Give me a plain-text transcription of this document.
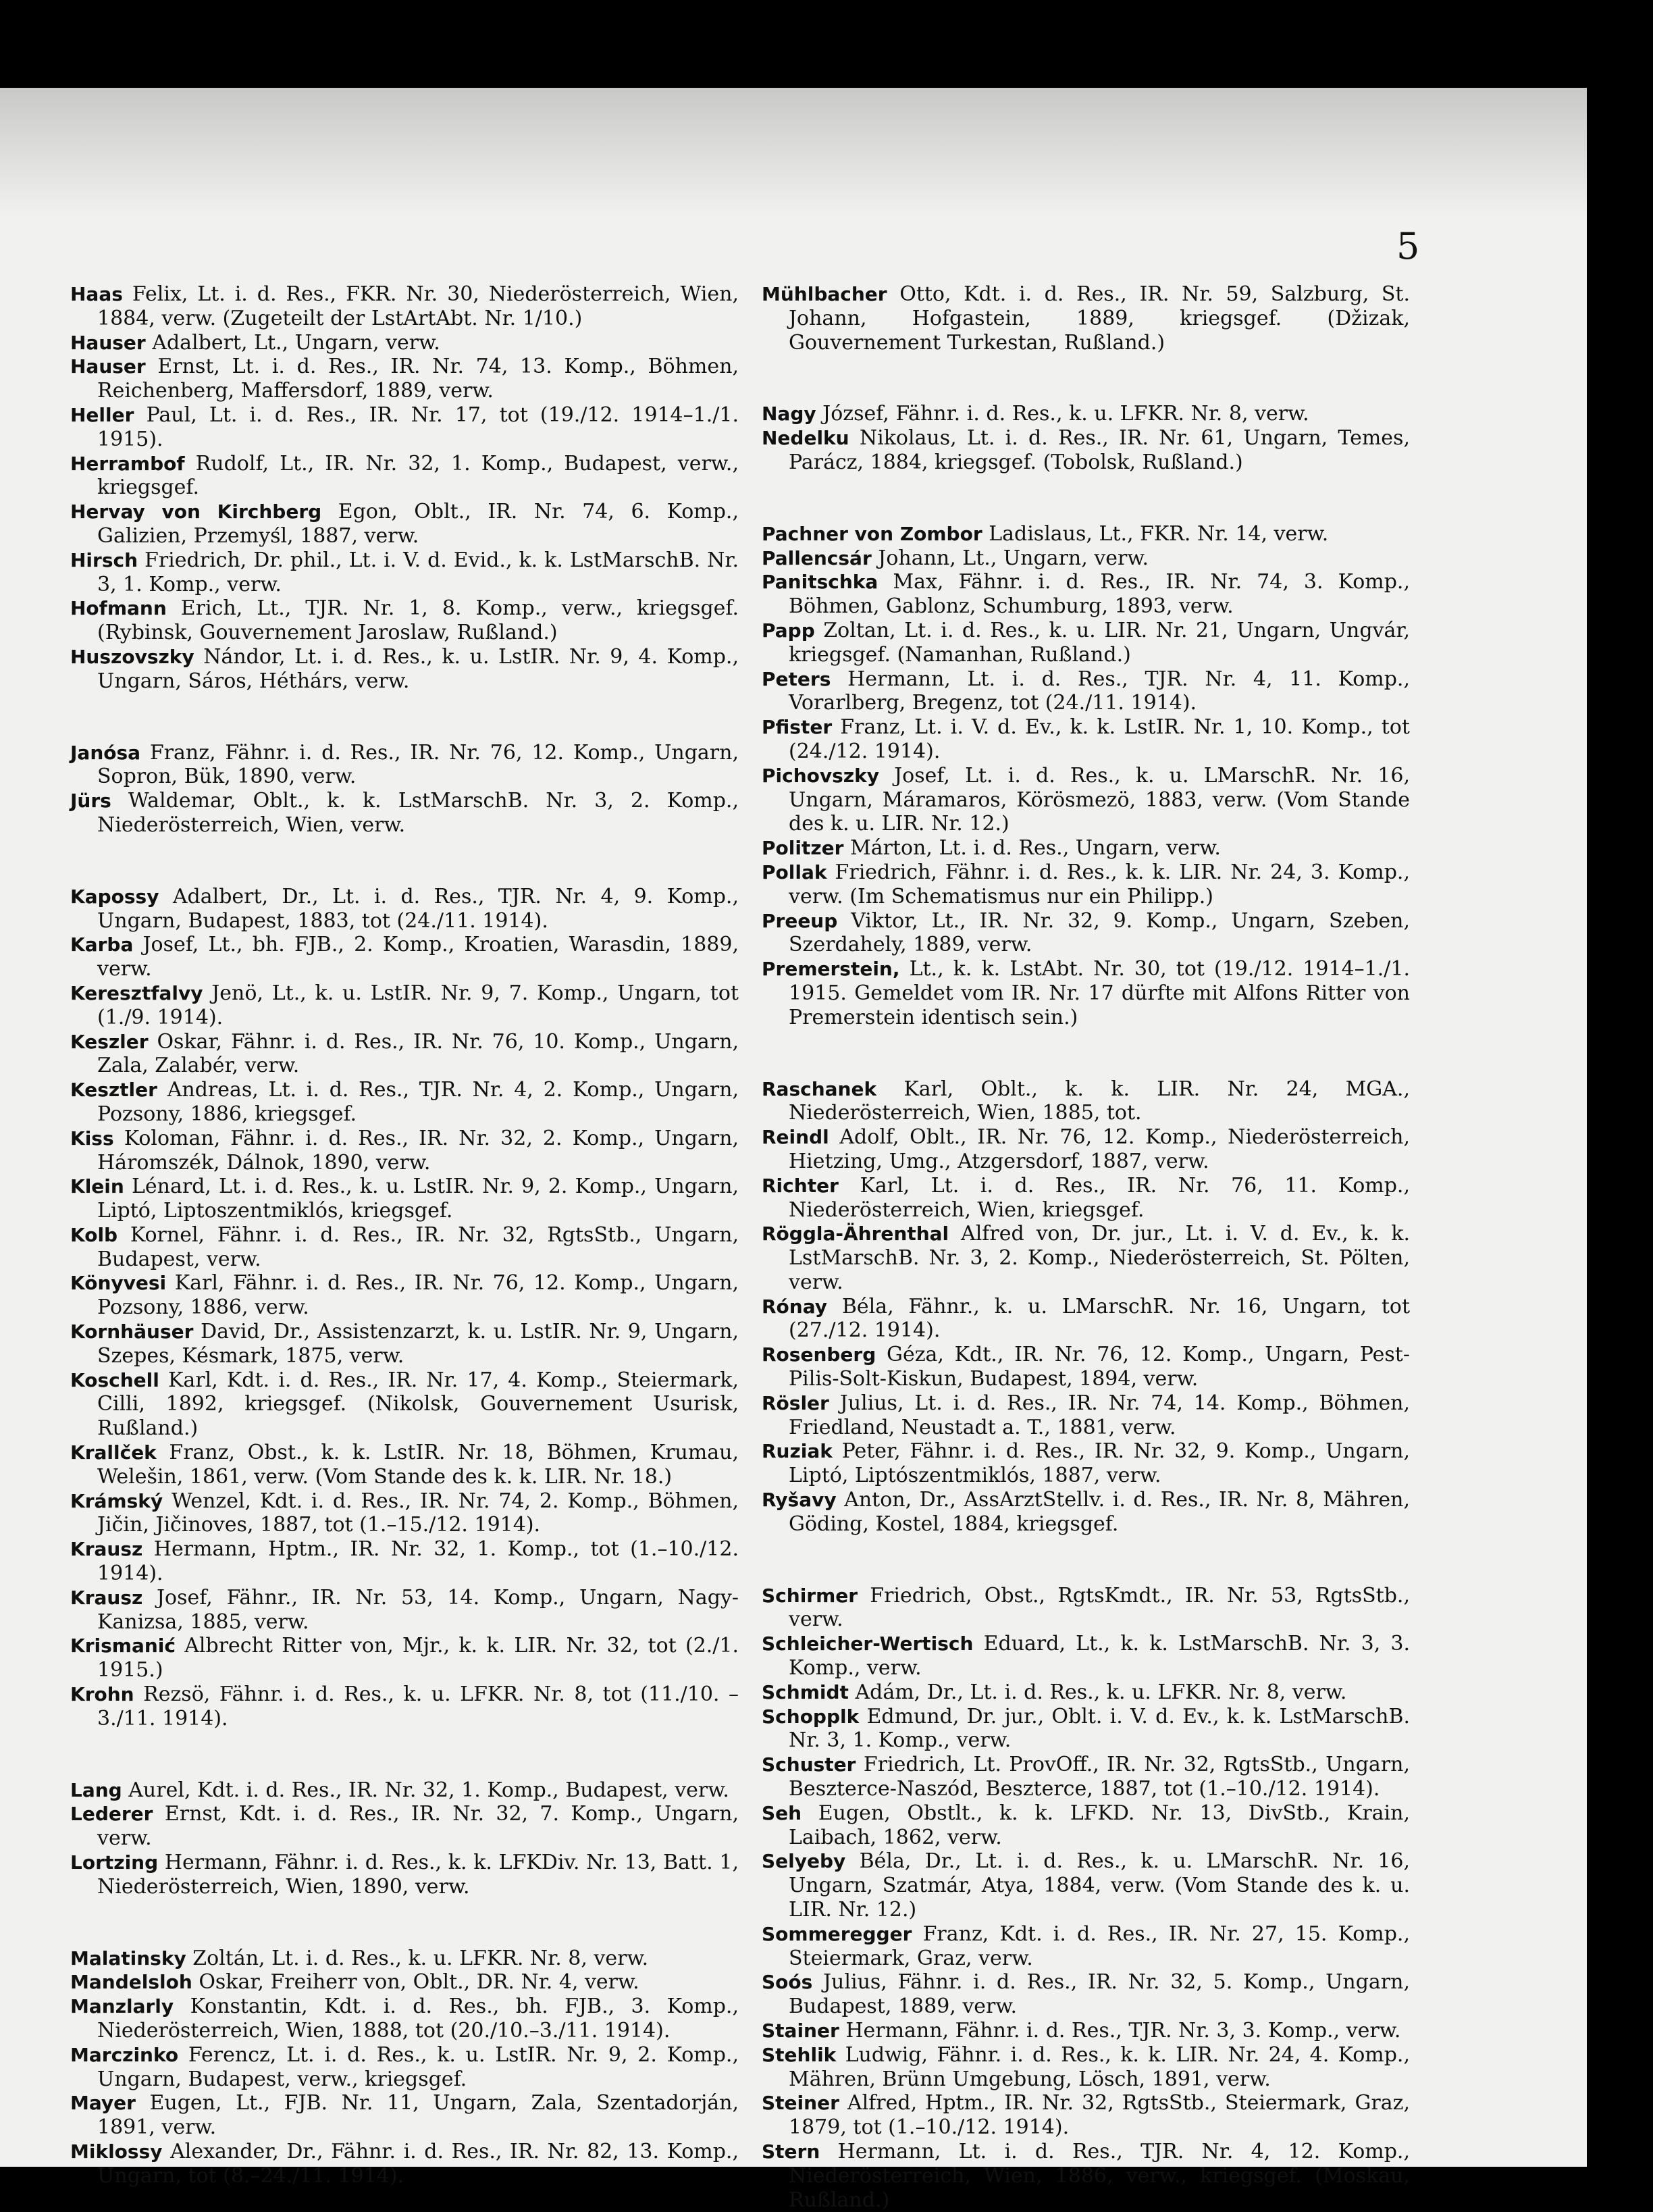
5

Haas Felix, Lt. i. d. Res., FKR. Nr. 30, Niederösterreich, Wien, 1884, verw. (Zugeteilt der LstArtAbt. Nr. 1/10.)

Hauser Adalbert, Lt., Ungarn, verw.

Hauser Ernst, Lt. i. d. Res., IR. Nr. 74, 13. Komp., Böhmen, Reichenberg, Maffersdorf, 1889, verw.

Heller Paul, Lt. i. d. Res., IR. Nr. 17, tot (19./12. 1914–1./1. 1915).

Herrambof Rudolf, Lt., IR. Nr. 32, 1. Komp., Budapest, verw., kriegsgef.

Hervay von Kirchberg Egon, Oblt., IR. Nr. 74, 6. Komp., Galizien, Przemyśl, 1887, verw.

Hirsch Friedrich, Dr. phil., Lt. i. V. d. Evid., k. k. LstMarschB. Nr. 3, 1. Komp., verw.

Hofmann Erich, Lt., TJR. Nr. 1, 8. Komp., verw., kriegsgef. (Rybinsk, Gouvernement Jaroslaw, Rußland.)

Huszovszky Nándor, Lt. i. d. Res., k. u. LstIR. Nr. 9, 4. Komp., Ungarn, Sáros, Héthárs, verw.

Janósa Franz, Fähnr. i. d. Res., IR. Nr. 76, 12. Komp., Ungarn, Sopron, Bük, 1890, verw.

Jürs Waldemar, Oblt., k. k. LstMarschB. Nr. 3, 2. Komp., Niederösterreich, Wien, verw.

Kapossy Adalbert, Dr., Lt. i. d. Res., TJR. Nr. 4, 9. Komp., Ungarn, Budapest, 1883, tot (24./11. 1914).

Karba Josef, Lt., bh. FJB., 2. Komp., Kroatien, Warasdin, 1889, verw.

Keresztfalvy Jenö, Lt., k. u. LstIR. Nr. 9, 7. Komp., Ungarn, tot (1./9. 1914).

Keszler Oskar, Fähnr. i. d. Res., IR. Nr. 76, 10. Komp., Ungarn, Zala, Zalabér, verw.

Kesztler Andreas, Lt. i. d. Res., TJR. Nr. 4, 2. Komp., Ungarn, Pozsony, 1886, kriegsgef.

Kiss Koloman, Fähnr. i. d. Res., IR. Nr. 32, 2. Komp., Ungarn, Háromszék, Dálnok, 1890, verw.

Klein Lénard, Lt. i. d. Res., k. u. LstIR. Nr. 9, 2. Komp., Ungarn, Liptó, Liptoszentmiklós, kriegsgef.

Kolb Kornel, Fähnr. i. d. Res., IR. Nr. 32, RgtsStb., Ungarn, Budapest, verw.

Könyvesi Karl, Fähnr. i. d. Res., IR. Nr. 76, 12. Komp., Ungarn, Pozsony, 1886, verw.

Kornhäuser David, Dr., Assistenzarzt, k. u. LstIR. Nr. 9, Ungarn, Szepes, Késmark, 1875, verw.

Koschell Karl, Kdt. i. d. Res., IR. Nr. 17, 4. Komp., Steiermark, Cilli, 1892, kriegsgef. (Nikolsk, Gouvernement Usurisk, Rußland.)

Krallček Franz, Obst., k. k. LstIR. Nr. 18, Böhmen, Krumau, Welešin, 1861, verw. (Vom Stande des k. k. LIR. Nr. 18.)

Krámský Wenzel, Kdt. i. d. Res., IR. Nr. 74, 2. Komp., Böhmen, Jičin, Jičinoves, 1887, tot (1.–15./12. 1914).

Krausz Hermann, Hptm., IR. Nr. 32, 1. Komp., tot (1.–10./12. 1914).

Krausz Josef, Fähnr., IR. Nr. 53, 14. Komp., Ungarn, Nagy-Kanizsa, 1885, verw.

Krismanić Albrecht Ritter von, Mjr., k. k. LIR. Nr. 32, tot (2./1. 1915.)

Krohn Rezsö, Fähnr. i. d. Res., k. u. LFKR. Nr. 8, tot (11./10. – 3./11. 1914).

Lang Aurel, Kdt. i. d. Res., IR. Nr. 32, 1. Komp., Budapest, verw.

Lederer Ernst, Kdt. i. d. Res., IR. Nr. 32, 7. Komp., Ungarn, verw.

Lortzing Hermann, Fähnr. i. d. Res., k. k. LFKDiv. Nr. 13, Batt. 1, Niederösterreich, Wien, 1890, verw.

Malatinsky Zoltán, Lt. i. d. Res., k. u. LFKR. Nr. 8, verw.

Mandelsloh Oskar, Freiherr von, Oblt., DR. Nr. 4, verw.

Manzlarly Konstantin, Kdt. i. d. Res., bh. FJB., 3. Komp., Niederösterreich, Wien, 1888, tot (20./10.–3./11. 1914).

Marczinko Ferencz, Lt. i. d. Res., k. u. LstIR. Nr. 9, 2. Komp., Ungarn, Budapest, verw., kriegsgef.

Mayer Eugen, Lt., FJB. Nr. 11, Ungarn, Zala, Szentadorján, 1891, verw.

Miklossy Alexander, Dr., Fähnr. i. d. Res., IR. Nr. 82, 13. Komp., Ungarn, tot (8.–24./11. 1914).

Mühlbacher Otto, Kdt. i. d. Res., IR. Nr. 59, Salzburg, St. Johann, Hofgastein, 1889, kriegsgef. (Džizak, Gouvernement Turkestan, Rußland.)

Nagy József, Fähnr. i. d. Res., k. u. LFKR. Nr. 8, verw.

Nedelku Nikolaus, Lt. i. d. Res., IR. Nr. 61, Ungarn, Temes, Parácz, 1884, kriegsgef. (Tobolsk, Rußland.)

Pachner von Zombor Ladislaus, Lt., FKR. Nr. 14, verw.

Pallencsár Johann, Lt., Ungarn, verw.

Panitschka Max, Fähnr. i. d. Res., IR. Nr. 74, 3. Komp., Böhmen, Gablonz, Schumburg, 1893, verw.

Papp Zoltan, Lt. i. d. Res., k. u. LIR. Nr. 21, Ungarn, Ungvár, kriegsgef. (Namanhan, Rußland.)

Peters Hermann, Lt. i. d. Res., TJR. Nr. 4, 11. Komp., Vorarlberg, Bregenz, tot (24./11. 1914).

Pfister Franz, Lt. i. V. d. Ev., k. k. LstIR. Nr. 1, 10. Komp., tot (24./12. 1914).

Pichovszky Josef, Lt. i. d. Res., k. u. LMarschR. Nr. 16, Ungarn, Máramaros, Körösmezö, 1883, verw. (Vom Stande des k. u. LIR. Nr. 12.)

Politzer Márton, Lt. i. d. Res., Ungarn, verw.

Pollak Friedrich, Fähnr. i. d. Res., k. k. LIR. Nr. 24, 3. Komp., verw. (Im Schematismus nur ein Philipp.)

Preeup Viktor, Lt., IR. Nr. 32, 9. Komp., Ungarn, Szeben, Szerdahely, 1889, verw.

Premerstein, Lt., k. k. LstAbt. Nr. 30, tot (19./12. 1914–1./1. 1915. Gemeldet vom IR. Nr. 17 dürfte mit Alfons Ritter von Premerstein identisch sein.)

Raschanek Karl, Oblt., k. k. LIR. Nr. 24, MGA., Niederösterreich, Wien, 1885, tot.

Reindl Adolf, Oblt., IR. Nr. 76, 12. Komp., Niederösterreich, Hietzing, Umg., Atzgersdorf, 1887, verw.

Richter Karl, Lt. i. d. Res., IR. Nr. 76, 11. Komp., Niederösterreich, Wien, kriegsgef.

Röggla-Ährenthal Alfred von, Dr. jur., Lt. i. V. d. Ev., k. k. LstMarschB. Nr. 3, 2. Komp., Niederösterreich, St. Pölten, verw.

Rónay Béla, Fähnr., k. u. LMarschR. Nr. 16, Ungarn, tot (27./12. 1914).

Rosenberg Géza, Kdt., IR. Nr. 76, 12. Komp., Ungarn, Pest-Pilis-Solt-Kiskun, Budapest, 1894, verw.

Rösler Julius, Lt. i. d. Res., IR. Nr. 74, 14. Komp., Böhmen, Friedland, Neustadt a. T., 1881, verw.

Ruziak Peter, Fähnr. i. d. Res., IR. Nr. 32, 9. Komp., Ungarn, Liptó, Liptószentmiklós, 1887, verw.

Ryšavy Anton, Dr., AssArztStellv. i. d. Res., IR. Nr. 8, Mähren, Göding, Kostel, 1884, kriegsgef.

Schirmer Friedrich, Obst., RgtsKmdt., IR. Nr. 53, RgtsStb., verw.

Schleicher-Wertisch Eduard, Lt., k. k. LstMarschB. Nr. 3, 3. Komp., verw.

Schmidt Adám, Dr., Lt. i. d. Res., k. u. LFKR. Nr. 8, verw.

Schopplk Edmund, Dr. jur., Oblt. i. V. d. Ev., k. k. LstMarschB. Nr. 3, 1. Komp., verw.

Schuster Friedrich, Lt. ProvOff., IR. Nr. 32, RgtsStb., Ungarn, Beszterce-Naszód, Beszterce, 1887, tot (1.–10./12. 1914).

Seh Eugen, Obstlt., k. k. LFKD. Nr. 13, DivStb., Krain, Laibach, 1862, verw.

Selyeby Béla, Dr., Lt. i. d. Res., k. u. LMarschR. Nr. 16, Ungarn, Szatmár, Atya, 1884, verw. (Vom Stande des k. u. LIR. Nr. 12.)

Sommeregger Franz, Kdt. i. d. Res., IR. Nr. 27, 15. Komp., Steiermark, Graz, verw.

Soós Julius, Fähnr. i. d. Res., IR. Nr. 32, 5. Komp., Ungarn, Budapest, 1889, verw.

Stainer Hermann, Fähnr. i. d. Res., TJR. Nr. 3, 3. Komp., verw.

Stehlik Ludwig, Fähnr. i. d. Res., k. k. LIR. Nr. 24, 4. Komp., Mähren, Brünn Umgebung, Lösch, 1891, verw.

Steiner Alfred, Hptm., IR. Nr. 32, RgtsStb., Steiermark, Graz, 1879, tot (1.–10./12. 1914).

Stern Hermann, Lt. i. d. Res., TJR. Nr. 4, 12. Komp., Niederösterreich, Wien, 1886, verw., kriegsgef. (Moskau, Rußland.)
